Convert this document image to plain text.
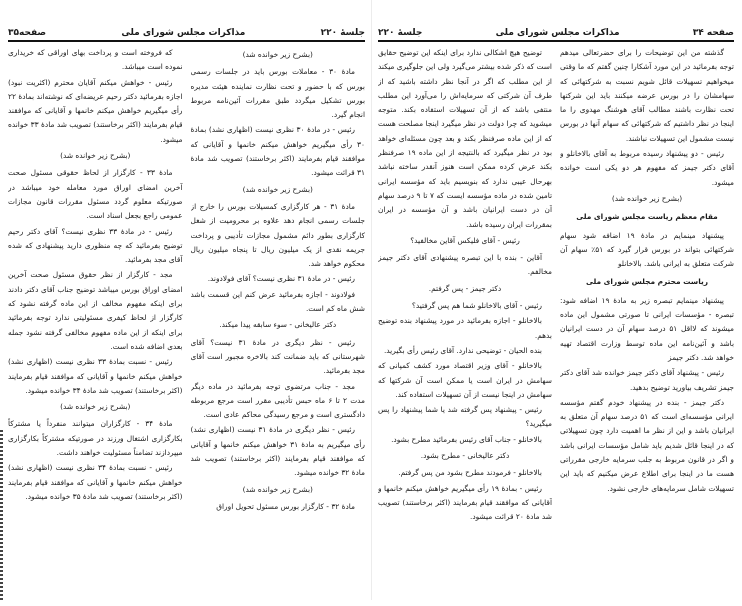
جلسهٔ ۲۲۰
مذاکرات مجلس شورای ملی
صفحه۳۵

(بشرح زیر خوانده شد)

مادهٔ ۳۰ - معاملات بورس باید در جلسات رسمی بورس که با حضور و تحت نظارت نماینده هیئت مدیره بورس تشکیل میگردد طبق مقررات آئین‌نامه مربوط انجام گیرد.

رئیس - در مادهٔ ۳۰ نظری نیست (اظهاری نشد) بمادهٔ ۳۰ رأی میگیریم خواهش میکنم خانمها و آقایانی که موافقند قیام بفرمایند (اکثر برخاستند) تصویب شد مادهٔ ۳۱ قرائت میشود.

(بشرح زیر خوانده شد)

مادهٔ ۳۱ - هر کارگزاری کمسیلات بورس را خارج از جلسات رسمی انجام دهد علاوه بر محرومیت از شغل کارگزاری بطور دائم مشمول مجازات تأدیبی و پرداخت جریمه نقدی از یک میلیون ریال تا پنجاه میلیون ریال محکوم خواهد شد.

رئیس - در مادهٔ ۳۱ نظری نیست؟ آقای فولادوند.

فولادوند - اجازه بفرمائید عرض کنم این قسمت باشد شش ماه کم است.

دکتر عالیخانی - سوء سابقه پیدا میکند.

رئیس - نظر دیگری در مادهٔ ۳۱ نیست؟ آقای شهرستانی که باید ضمانت کند بالاخره مجبور است آقای مجد بفرمائید.

مجد - جناب مرتضوی توجه بفرمائید در ماده دیگر مدت ۲ تا ۶ ماه حبس تأدیبی مقرر است مرجع مربوطه دادگستری است و مرجع رسیدگی محاکم عادی است.

رئیس - نظر دیگری در مادهٔ ۳۱ نیست (اظهاری نشد) رأی میگیریم به مادهٔ ۳۱ خواهش میکنم خانمها و آقایانی که موافقند قیام بفرمایند (اکثر برخاستند) تصویب شد مادهٔ ۳۲ خوانده میشود.

(بشرح زیر خوانده شد)

مادهٔ ۳۲ - کارگزار بورس مسئول تحویل اوراق

که فروخته است و پرداخت بهای اوراقی که خریداری نموده است میباشد.

رئیس - خواهش میکنم آقایان محترم (اکثریت نبود) اجازه بفرمائید دکتر رحیم عریضه‌ای که نوشته‌اند بمادهٔ ۲۲ رأی میگیریم خواهش میکنم خانمها و آقایانی که موافقند قیام بفرمایند (اکثر برخاستند) تصویب شد مادهٔ ۳۳ خوانده میشود.

(بشرح زیر خوانده شد)

مادهٔ ۳۳ - کارگزار از لحاظ حقوقی مسئول صحت آخرین امضای اوراق مورد معامله خود میباشد در صورتیکه معلوم گردد مسئول مقررات قانون مجازات عمومی راجع بجعل اسناد است.

رئیس - در مادهٔ ۳۳ نظری نیست؟ آقای دکتر رحیم توضیح بفرمائید که چه منظوری دارید پیشنهادی که شده آقای مجد بفرمائید.

مجد - کارگزار از نظر حقوق مسئول صحت آخرین امضای اوراق بورس میباشد توضیح جناب آقای دکتر دادند برای اینکه مفهوم مخالف از این ماده گرفته نشود که کارگزار از لحاظ کیفری مسئولیتی ندارد توجه بفرمائید برای اینکه از این ماده مفهوم مخالفی گرفته نشود جمله بعدی اضافه شده است.

رئیس - نسبت بمادهٔ ۳۳ نظری نیست (اظهاری نشد) خواهش میکنم خانمها و آقایانی که موافقند قیام بفرمایند (اکثر برخاستند) تصویب شد مادهٔ ۳۴ خوانده میشود.

(بشرح زیر خوانده شد)

مادهٔ ۳۴ - کارگزاران میتوانند منفرداً یا مشترکاً بکارگزاری اشتغال ورزند در صورتیکه مشترکاً بکارگزاری میپردازند تضامناً مسئولیت خواهند داشت.

رئیس - نسبت بمادهٔ ۳۴ نظری نیست (اظهاری نشد) خواهش میکنم خانمها و آقایانی که موافقند قیام بفرمایند (اکثر برخاستند) تصویب شد مادهٔ ۳۵ خوانده میشود.

صفحه ۳۴
مذاکرات مجلس شورای ملی
جلسهٔ ۲۲۰

گذشته من این توضیحات را برای حضرتعالی میدهم توجه بفرمائید در این مورد آشکارا چنین گفتم که ما وقتی میخواهیم تسهیلات قائل شویم نسبت به شرکتهائی که سهامشان را در بورس عرضه میکنند باید این شرکتها تحت نظارت باشند مطالب آقای هوشنگ مهدوی را ما اینجا در نظر داشتیم که شرکتهائی که سهام آنها در بورس نیست مشمول این تسهیلات نباشند.

رئیس - دو پیشنهاد رسیده مربوط به آقای بالاخانلو و آقای دکتر جیمز که مفهوم هر دو یکی است خوانده میشود.

(بشرح زیر خوانده شد)

مقام معظم ریاست مجلس شورای ملی

پیشنهاد مینمایم در مادهٔ ۱۹ اضافه شود سهام شرکتهائی بتواند در بورس قرار گیرد که ۵۱٪ سهام آن شرکت متعلق به ایرانی باشد. بالاخانلو

ریاست محترم مجلس شورای ملی

پیشنهاد مینمایم تبصره زیر به مادهٔ ۱۹ اضافه شود: تبصره - مؤسسات ایرانی تا صورتی مشمول این ماده میشوند که لااقل ۵۱ درصد سهام آن در دست ایرانیان باشد و آئین‌نامه این ماده توسط وزارت اقتصاد تهیه خواهد شد. دکتر جیمز

رئیس - پیشنهاد آقای دکتر جیمز خوانده شد آقای دکتر جیمز تشریف بیاورید توضیح بدهید.

دکتر جیمز - بنده در پیشنهاد خودم گفتم مؤسسه ایرانی مؤسسه‌ای است که ۵۱ درصد سهام آن متعلق به ایرانیان باشد و این از نظر ما اهمیت دارد چون تسهیلاتی که در اینجا قائل شدیم باید شامل مؤسسات ایرانی باشد و اگر در قانون مربوط به جلب سرمایه خارجی مقرراتی هست ما در اینجا برای اطلاع عرض میکنیم که باید این تسهیلات شامل سرمایه‌های خارجی نشود.

توضیح هیچ اشکالی ندارد برای اینکه این توضیح حقایق است که ذکر شده بیشتر می‌گیرد ولی این جلوگیری میکند از این مطلب که اگر در آنجا نظر داشته باشید که از طرف آن شرکتی که سرمایه‌اش را می‌آورد این مطلب منتفی باشد که از آن تسهیلات استفاده بکند. متوجه میشوید که چرا دولت در نظر میگیرد اینجا مصلحت هست که از این ماده صرفنظر بکند و بعد چون مسئله‌ای خواهد بود در نظر میگیرد که بالنتیجه از این ماده ۱۹ صرفنظر بکند عرض کرده ممکن است هنوز آنقدر ساخته نباشد بهرحال عیبی ندارد که بنویسیم باید که مؤسسه ایرانی تامین شده در ماده مؤسسه ایست که ۷ تا ۹ درصد سهام آن در دست ایرانیان باشد و آن مؤسسه در ایران بمقررات ایران رسیده باشد.

رئیس - آقای فلیکس آقاین مخالفید؟

آقاین - بنده با این تبصره پیشنهادی آقای دکتر جیمز مخالفم.

دکتر جیمز - پس گرفتم.

رئیس - آقای بالاخانلو شما هم پس گرفتید؟

بالاخانلو - اجازه بفرمائید در مورد پیشنهاد بنده توضیح بدهم.

بنده الحیان - توضیحی ندارد. آقای رئیس رأی بگیرید.

بالاخانلو - آقای وزیر اقتصاد مورد کشف کمپانی که سهامش در ایران است یا ممکن است آن شرکتها که سهامش در اینجا نیست از آن تسهیلات استفاده کند.

رئیس - پیشنهاد پس گرفته شد یا شما پیشنهاد را پس میگیرید؟

بالاخانلو - جناب آقای رئیس بفرمائید مطرح بشود.

دکتر عالیخانی - مطرح بشود.

بالاخانلو - فرمودند مطرح بشود من پس گرفتم.

رئیس - بمادهٔ ۱۹ رأی میگیریم خواهش میکنم خانمها و آقایانی که موافقند قیام بفرمایند (اکثر برخاستند) تصویب شد مادهٔ ۲۰ قرائت میشود.
